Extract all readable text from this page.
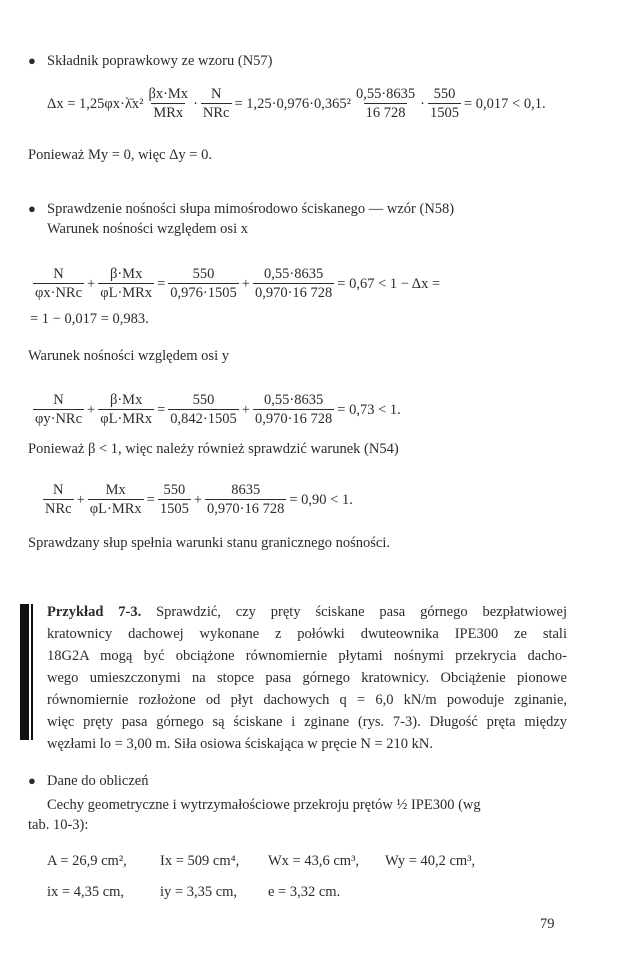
● Składnik poprawkowy ze wzoru (N57)
Δx = 1,25φx·λ̄x² $\frac{\beta x\cdot Mx}{\text{MRx}} \cdot \frac{N}{\text{NRc}} = 1,25\cdot 0,976\cdot 0,365^2 \frac{0,55\cdot 8635}{16 728} \cdot \frac{550}{1505} = 0,017 < 0,1$.
Ponieważ My = 0, więc Δy = 0.
● Sprawdzenie nośności słupa mimośrodowo ściskanego — wzór (N58)
Warunek nośności względem osi x
$\frac{N}{\text{φx·NRc}} + \frac{\beta\cdot Mx}{\text{φL·MRx}} = \frac{550}{0,976\cdot 1505} + \frac{0,55\cdot 8635}{0,970\cdot 16 728} = 0,67 < 1 - \Delta x$ =
= 1 − 0,017 = 0,983.
Warunek nośności względem osi y
$\frac{N}{\text{φy·NRc}} + \frac{\beta\cdot Mx}{\text{φL·MRx}} = \frac{550}{0,842\cdot 1505} + \frac{0,55\cdot 8635}{0,970\cdot 16 728} = 0,73 < 1$.
Ponieważ β < 1, więc należy również sprawdzić warunek (N54)
$\frac{N}{\text{NRc}} + \frac{Mx}{\text{φL·MRx}} = \frac{550}{1505} + \frac{8635}{0,970\cdot 16 728} = 0,90 < 1$.
Sprawdzany słup spełnia warunki stanu granicznego nośności.
Przykład 7-3. Sprawdzić, czy pręty ściskane pasa górnego bezpłatwiowej
kratownicy dachowej wykonane z połówki dwuteownika IPE300 ze stali
18G2A mogą być obciążone równomiernie płytami nośnymi przekrycia dacho-
wego umieszczonymi na stopce pasa górnego kratownicy. Obciążenie pionowe
równomiernie rozłożone od płyt dachowych q = 6,0 kN/m powoduje zginanie,
więc pręty pasa górnego są ściskane i zginane (rys. 7-3). Długość pręta między
węzłami lo = 3,00 m. Siła osiowa ściskająca w pręcie N = 210 kN.
● Dane do obliczeń
Cechy geometryczne i wytrzymałościowe przekroju prętów ½ IPE300 (wg
tab. 10-3):
A = 26,9 cm², Ix = 509 cm⁴, Wx = 43,6 cm³, Wy = 40,2 cm³,
ix = 4,35 cm, iy = 3,35 cm, e = 3,32 cm.
79
